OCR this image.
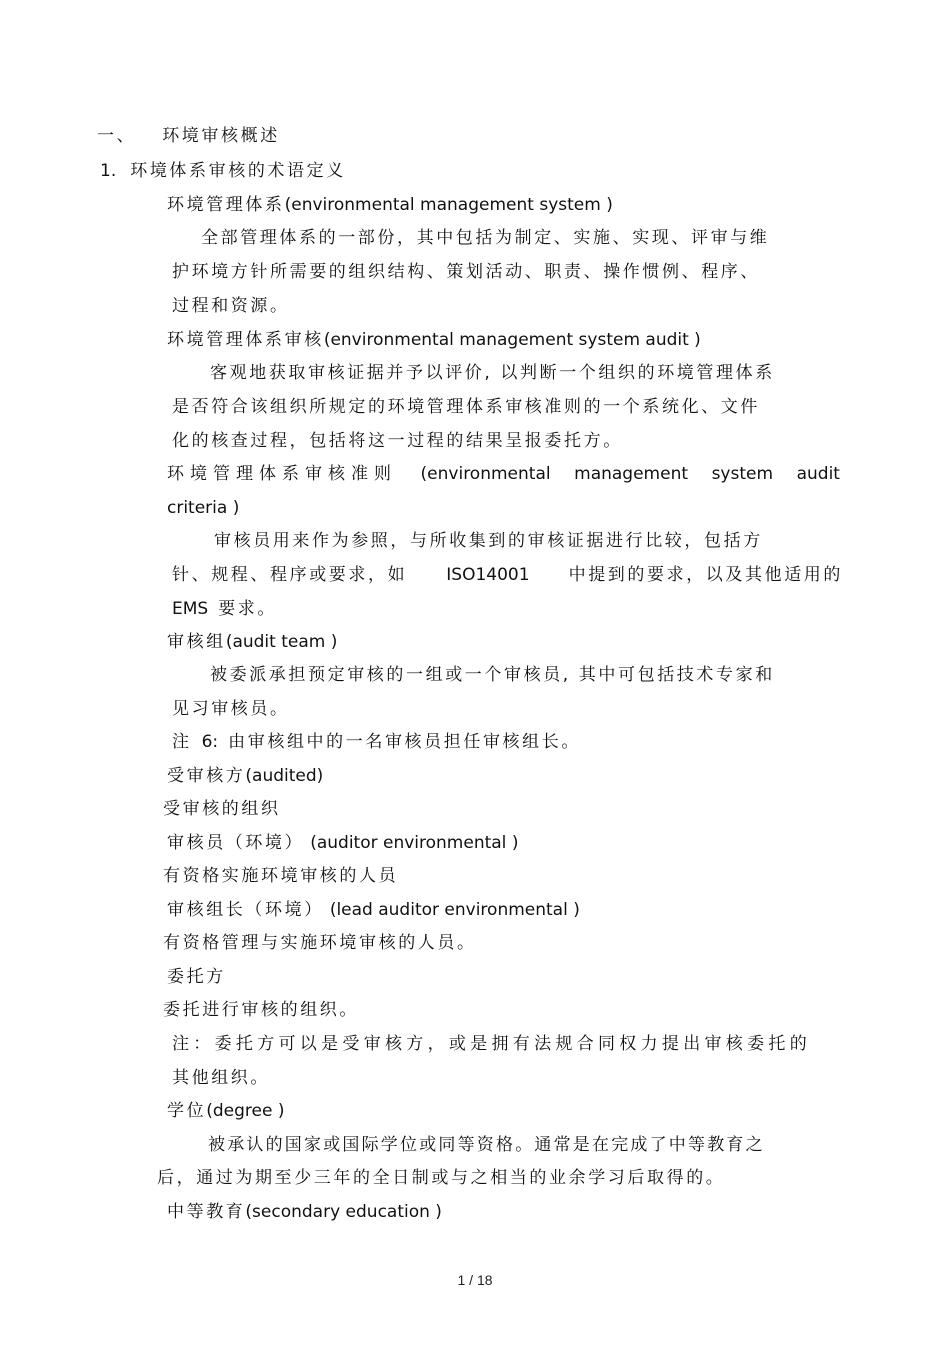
一、 环境审核概述
1. 环境体系审核的术语定义
环境管理体系(environmental management system )
全部管理体系的一部份，其中包括为制定、实施、实现、评审与维
护环境方针所需要的组织结构、策划活动、职责、操作惯例、程序、
过程和资源。
环境管理体系审核(environmental management system audit )
客观地获取审核证据并予以评价, 以判断一个组织的环境管理体系
是否符合该组织所规定的环境管理体系审核准则的一个系统化、文件
化的核查过程，包括将这一过程的结果呈报委托方。
环境管理体系审核准则 (environmental management system audit
criteria )
审核员用来作为参照，与所收集到的审核证据进行比较，包括方
针、规程、程序或要求，如 ISO14001 中提到的要求，以及其他适用的
EMS 要求。
审核组(audit team )
被委派承担预定审核的一组或一个审核员, 其中可包括技术专家和
见习审核员。
注 6: 由审核组中的一名审核员担任审核组长。
受审核方(audited)
受审核的组织
审核员（环境） (auditor environmental )
有资格实施环境审核的人员
审核组长（环境） (lead auditor environmental )
有资格管理与实施环境审核的人员。
委托方
委托进行审核的组织。
注：委托方可以是受审核方，或是拥有法规合同权力提出审核委托的
其他组织。
学位(degree )
被承认的国家或国际学位或同等资格。通常是在完成了中等教育之
后，通过为期至少三年的全日制或与之相当的业余学习后取得的。
中等教育(secondary education )
1 / 18
